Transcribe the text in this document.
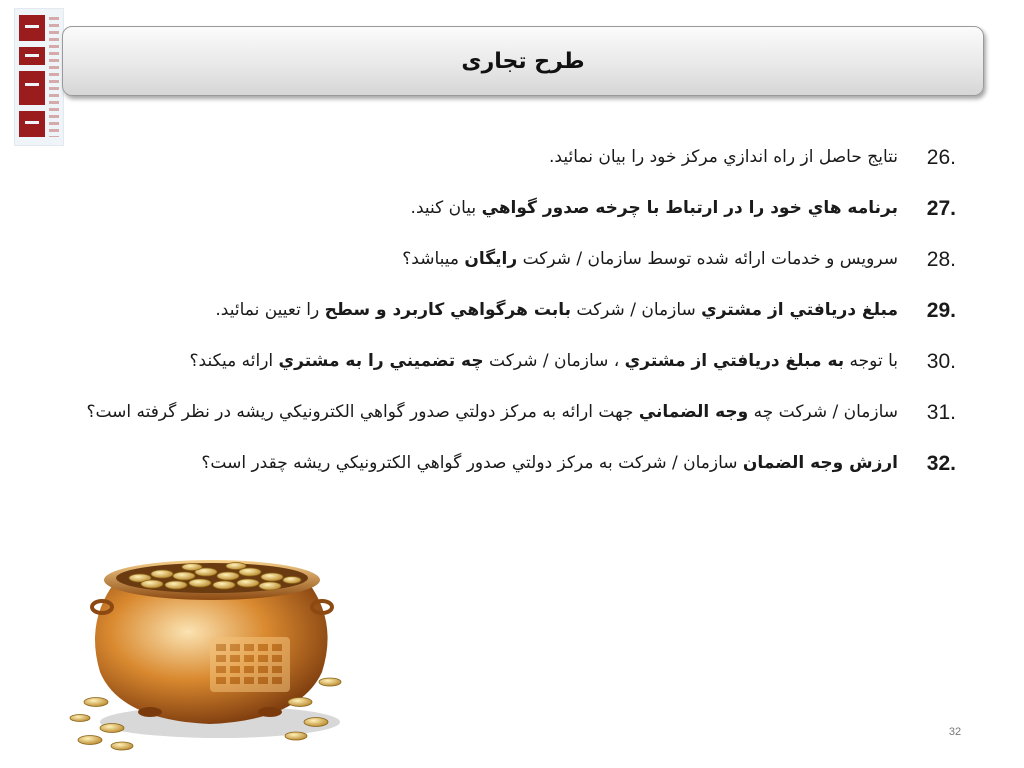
طرح تجاری
26.
نتايج حاصل از راه اندازي مركز خود را بيان نمائيد.
27.
برنامه هاي خود را در ارتباط با چرخه صدور گواهي بيان كنيد.
28.
سرويس و خدمات ارائه شده توسط سازمان / شركت رايگان ميباشد؟
29.
مبلغ دريافتي از مشتري سازمان / شركت بابت هرگواهي كاربرد و سطح را تعيين نمائيد.
30.
با توجه به مبلغ دريافتي از مشتري ، سازمان / شركت چه تضميني را به مشتري ارائه ميكند؟
31.
سازمان / شركت چه وجه الضماني جهت ارائه به مركز دولتي صدور گواهي الكترونيكي ريشه در نظر گرفته است؟
32.
ارزش وجه الضمان سازمان / شركت به مركز دولتي صدور گواهي الكترونيكي ريشه چقدر است؟
32
